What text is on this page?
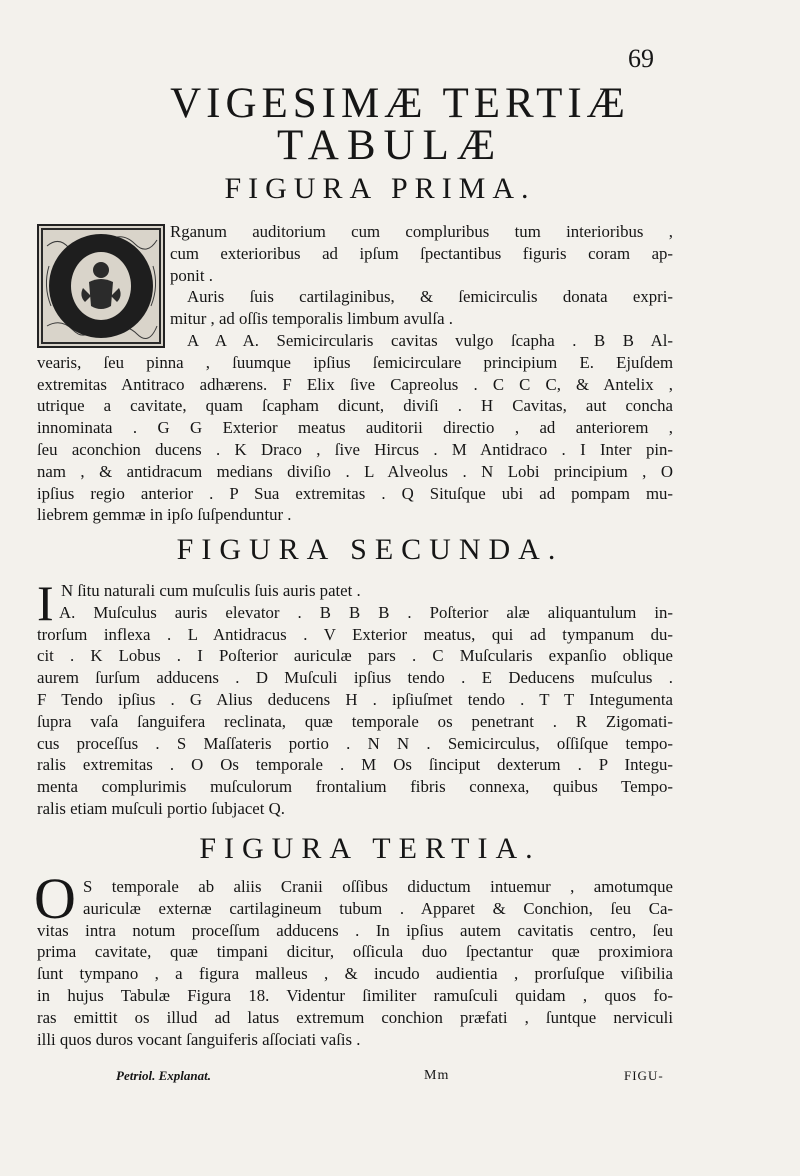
69
VIGESIMÆ TERTIÆ
TABULÆ
FIGURA PRIMA.
Rganum auditorium cum compluribus tum interioribus ,
cum exterioribus ad ipſum ſpectantibus figuris coram ap-
ponit .
Auris ſuis cartilaginibus, & ſemicirculis donata expri-
mitur , ad oſſis temporalis limbum avulſa .
A A A. Semicircularis cavitas vulgo ſcapha . B B Al-
vearis, ſeu pinna , ſuumque ipſius ſemicirculare principium E. Ejuſdem
extremitas Antitraco adhærens. F Elix ſive Capreolus . C C C, & Antelix ,
utrique a cavitate, quam ſcapham dicunt, diviſi . H Cavitas, aut concha
innominata . G G Exterior meatus auditorii directio , ad anteriorem ,
ſeu aconchion ducens . K Draco , ſive Hircus . M Antidraco . I Inter pin-
nam , & antidracum medians diviſio . L Alveolus . N Lobi principium , O
ipſius regio anterior . P Sua extremitas . Q Situſque ubi ad pompam mu-
liebrem gemmæ in ipſo ſuſpenduntur .
FIGURA SECUNDA.
I N ſitu naturali cum muſculis ſuis auris patet .
A. Muſculus auris elevator . B B B . Poſterior alæ aliquantulum in-
trorſum inflexa . L Antidracus . V Exterior meatus, qui ad tympanum du-
cit . K Lobus . I Poſterior auriculæ pars . C Muſcularis expanſio oblique
aurem ſurſum adducens . D Muſculi ipſius tendo . E Deducens muſculus .
F Tendo ipſius . G Alius deducens H . ipſiuſmet tendo . T T Integumenta
ſupra vaſa ſanguifera reclinata, quæ temporale os penetrant . R Zigomati-
cus proceſſus . S Maſſateris portio . N N . Semicirculus, oſſiſque tempo-
ralis extremitas . O Os temporale . M Os ſinciput dexterum . P Integu-
menta complurimis muſculorum frontalium fibris connexa, quibus Tempo-
ralis etiam muſculi portio ſubjacet Q.
FIGURA TERTIA.
O S temporale ab aliis Cranii oſſibus diductum intuemur , amotumque
auriculæ externæ cartilagineum tubum . Apparet & Conchion, ſeu Ca-
vitas intra notum proceſſum adducens . In ipſius autem cavitatis centro, ſeu
prima cavitate, quæ timpani dicitur, oſſicula duo ſpectantur quæ proximiora
ſunt tympano , a figura malleus , & incudo audientia , prorſuſque viſibilia
in hujus Tabulæ Figura 18. Videntur ſimiliter ramuſculi quidam , quos fo-
ras emittit os illud ad latus extremum conchion præfati , ſuntque nerviculi
illi quos duros vocant ſanguiferis aſſociati vaſis .
Petriol. Explanat.	Mm	FIGU-
